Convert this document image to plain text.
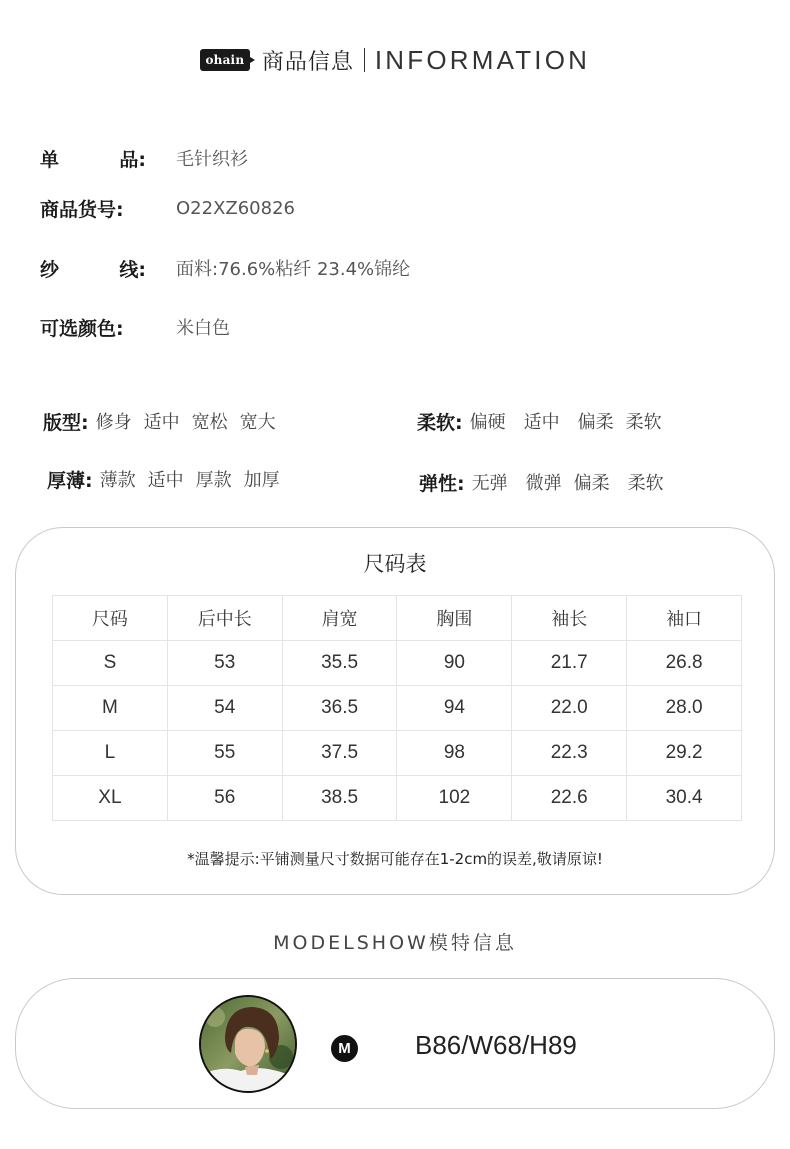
ohain 商品信息 INFORMATION
单	品: 毛针织衫
商品货号:	O22XZ60826
纱	线: 面料:76.6%粘纤 23.4%锦纶
可选颜色:	米白色
版型: 修身 适中 宽松 宽大	柔软: 偏硬 适中 偏柔 柔软
厚薄: 薄款 适中 厚款 加厚	弹性: 无弹 微弹 偏柔 柔软
尺码表
尺码	后中长	肩宽	胸围	袖长	袖口
S	53	35.5	90	21.7	26.8
M	54	36.5	94	22.0	28.0
L	55	37.5	98	22.3	29.2
XL	56	38.5	102	22.6	30.4
*温馨提示:平铺测量尺寸数据可能存在1-2cm的误差,敬请原谅!
MODELSHOW模特信息
M B86/W68/H89
